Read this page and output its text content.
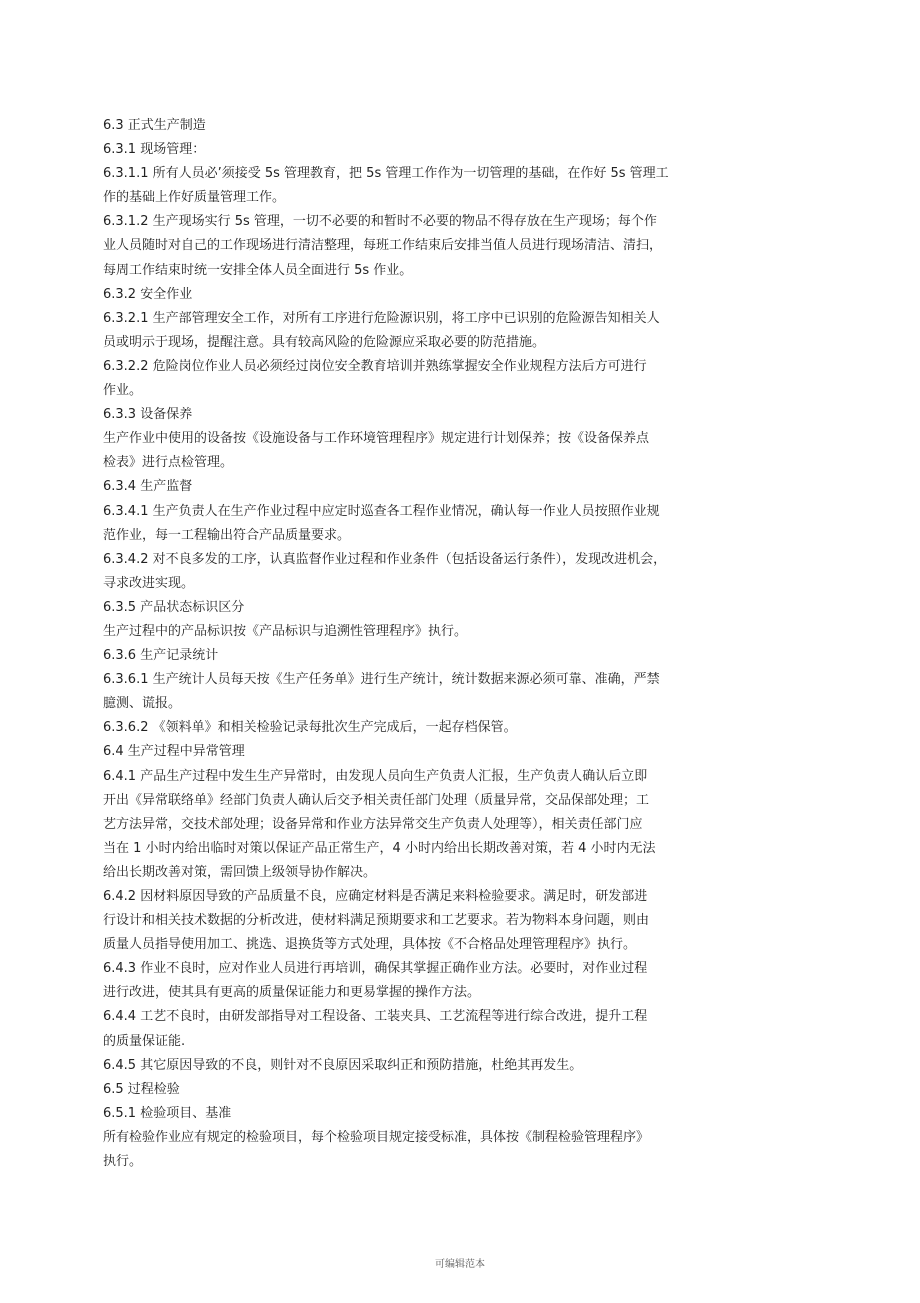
6.3 正式生产制造
6.3.1 现场管理：
6.3.1.1 所有人员必’须接受 5s 管理教育，把 5s 管理工作作为一切管理的基础，在作好 5s 管理工
作的基础上作好质量管理工作。
6.3.1.2 生产现场实行 5s 管理，一切不必要的和暂时不必要的物品不得存放在生产现场；每个作
业人员随时对自己的工作现场进行清洁整理，每班工作结束后安排当值人员进行现场清洁、清扫，
每周工作结束时统一安排全体人员全面进行 5s 作业。
6.3.2 安全作业
6.3.2.1 生产部管理安全工作，对所有工序进行危险源识别，将工序中已识别的危险源告知相关人
员或明示于现场，提醒注意。具有较高风险的危险源应采取必要的防范措施。
6.3.2.2 危险岗位作业人员必须经过岗位安全教育培训并熟练掌握安全作业规程方法后方可进行
作业。
6.3.3 设备保养
生产作业中使用的设备按《设施设备与工作环境管理程序》规定进行计划保养；按《设备保养点
检表》进行点检管理。
6.3.4 生产监督
6.3.4.1 生产负责人在生产作业过程中应定时巡查各工程作业情况，确认每一作业人员按照作业规
范作业，每一工程输出符合产品质量要求。
6.3.4.2 对不良多发的工序，认真监督作业过程和作业条件（包括设备运行条件），发现改进机会，
寻求改进实现。
6.3.5 产品状态标识区分
生产过程中的产品标识按《产品标识与追溯性管理程序》执行。
6.3.6 生产记录统计
6.3.6.1 生产统计人员每天按《生产任务单》进行生产统计，统计数据来源必须可靠、准确，严禁
臆测、谎报。
6.3.6.2 《领料单》和相关检验记录每批次生产完成后，一起存档保管。
6.4 生产过程中异常管理
6.4.1 产品生产过程中发生生产异常时，由发现人员向生产负责人汇报，生产负责人确认后立即
开出《异常联络单》经部门负责人确认后交予相关责任部门处理（质量异常，交品保部处理；工
艺方法异常，交技术部处理；设备异常和作业方法异常交生产负责人处理等），相关责任部门应
当在 1 小时内给出临时对策以保证产品正常生产，4 小时内给出长期改善对策，若 4 小时内无法
给出长期改善对策，需回馈上级领导协作解决。
6.4.2 因材料原因导致的产品质量不良，应确定材料是否满足来料检验要求。满足时，研发部进
行设计和相关技术数据的分析改进，使材料满足预期要求和工艺要求。若为物料本身问题，则由
质量人员指导使用加工、挑选、退换货等方式处理，具体按《不合格品处理管理程序》执行。
6.4.3 作业不良时，应对作业人员进行再培训，确保其掌握正确作业方法。必要时，对作业过程
进行改进，使其具有更高的质量保证能力和更易掌握的操作方法。
6.4.4 工艺不良时，由研发部指导对工程设备、工装夹具、工艺流程等进行综合改进，提升工程
的质量保证能.
6.4.5 其它原因导致的不良，则针对不良原因采取纠正和预防措施，杜绝其再发生。
6.5 过程检验
6.5.1 检验项目、基准
所有检验作业应有规定的检验项目，每个检验项目规定接受标准，具体按《制程检验管理程序》
执行。
可编辑范本
